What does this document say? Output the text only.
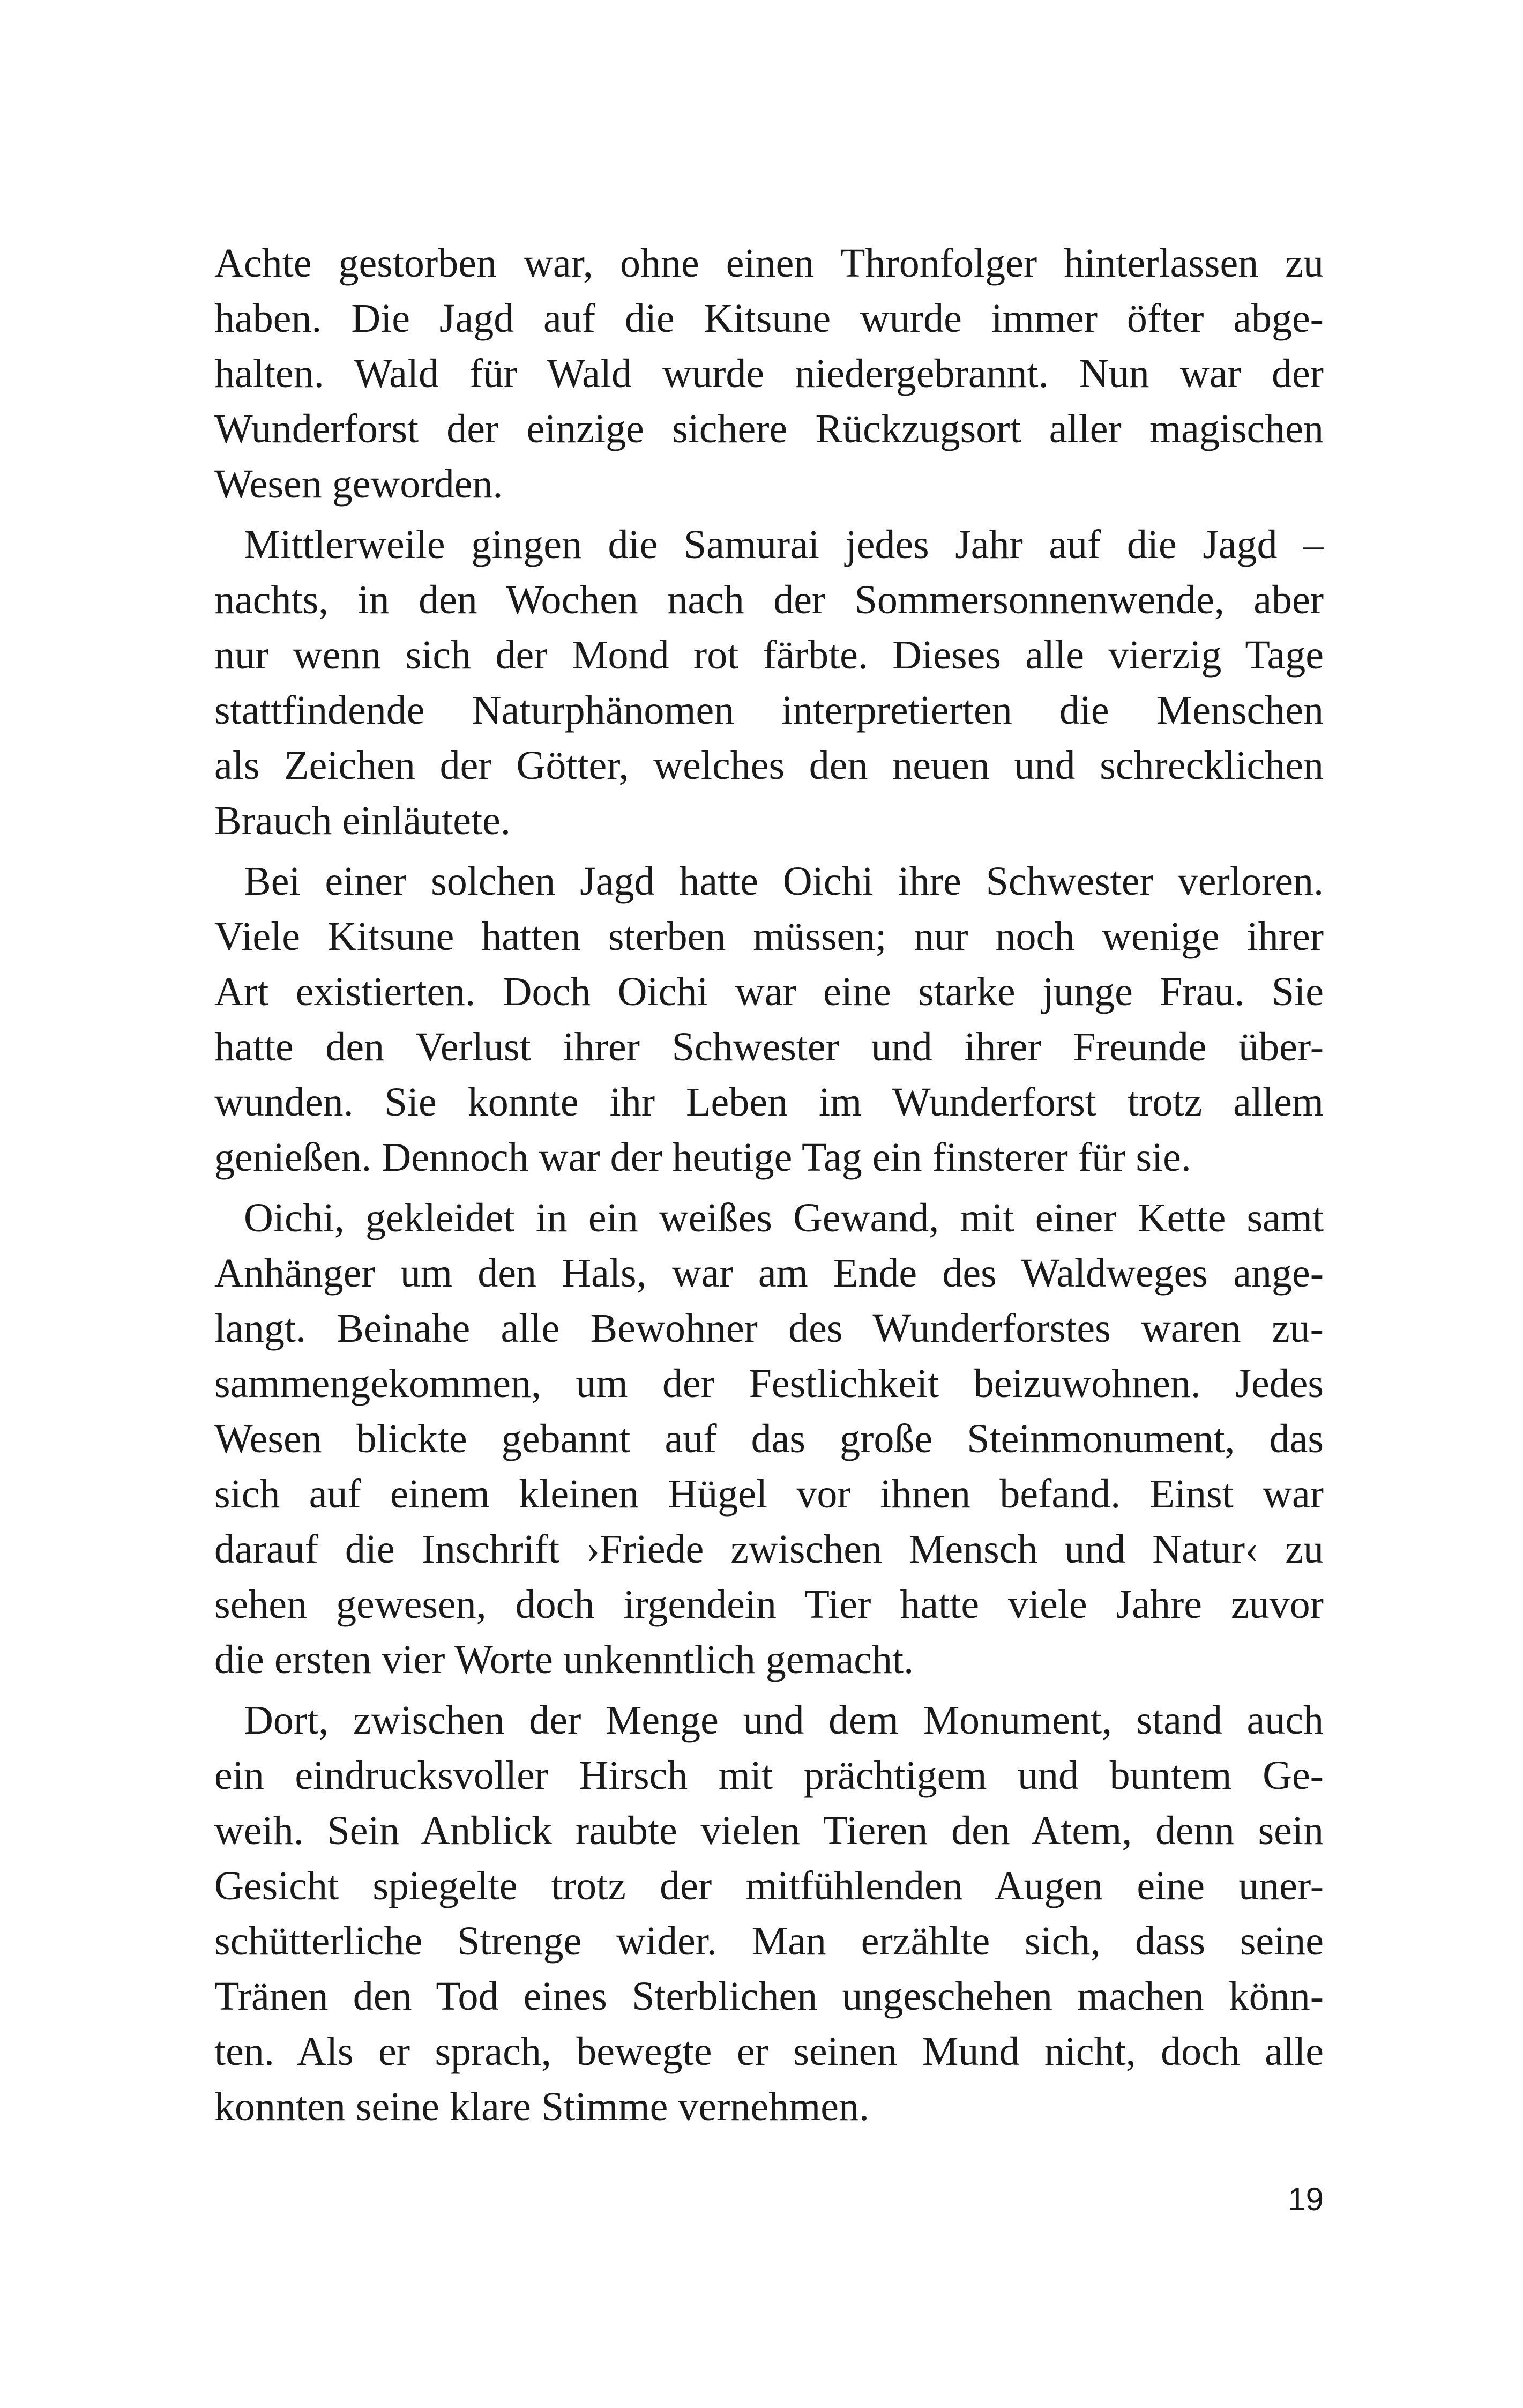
Achte gestorben war, ohne einen Thronfolger hinterlassen zu
haben. Die Jagd auf die Kitsune wurde immer öfter abge-
halten. Wald für Wald wurde niedergebrannt. Nun war der
Wunderforst der einzige sichere Rückzugsort aller magischen
Wesen geworden.

Mittlerweile gingen die Samurai jedes Jahr auf die Jagd –
nachts, in den Wochen nach der Sommersonnenwende, aber
nur wenn sich der Mond rot färbte. Dieses alle vierzig Tage
stattfindende Naturphänomen interpretierten die Menschen
als Zeichen der Götter, welches den neuen und schrecklichen
Brauch einläutete.

Bei einer solchen Jagd hatte Oichi ihre Schwester verloren.
Viele Kitsune hatten sterben müssen; nur noch wenige ihrer
Art existierten. Doch Oichi war eine starke junge Frau. Sie
hatte den Verlust ihrer Schwester und ihrer Freunde über-
wunden. Sie konnte ihr Leben im Wunderforst trotz allem
genießen. Dennoch war der heutige Tag ein finsterer für sie.

Oichi, gekleidet in ein weißes Gewand, mit einer Kette samt
Anhänger um den Hals, war am Ende des Waldweges ange-
langt. Beinahe alle Bewohner des Wunderforstes waren zu-
sammengekommen, um der Festlichkeit beizuwohnen. Jedes
Wesen blickte gebannt auf das große Steinmonument, das
sich auf einem kleinen Hügel vor ihnen befand. Einst war
darauf die Inschrift ›Friede zwischen Mensch und Natur‹ zu
sehen gewesen, doch irgendein Tier hatte viele Jahre zuvor
die ersten vier Worte unkenntlich gemacht.

Dort, zwischen der Menge und dem Monument, stand auch
ein eindrucksvoller Hirsch mit prächtigem und buntem Ge-
weih. Sein Anblick raubte vielen Tieren den Atem, denn sein
Gesicht spiegelte trotz der mitfühlenden Augen eine uner-
schütterliche Strenge wider. Man erzählte sich, dass seine
Tränen den Tod eines Sterblichen ungeschehen machen könn-
ten. Als er sprach, bewegte er seinen Mund nicht, doch alle
konnten seine klare Stimme vernehmen.

19
